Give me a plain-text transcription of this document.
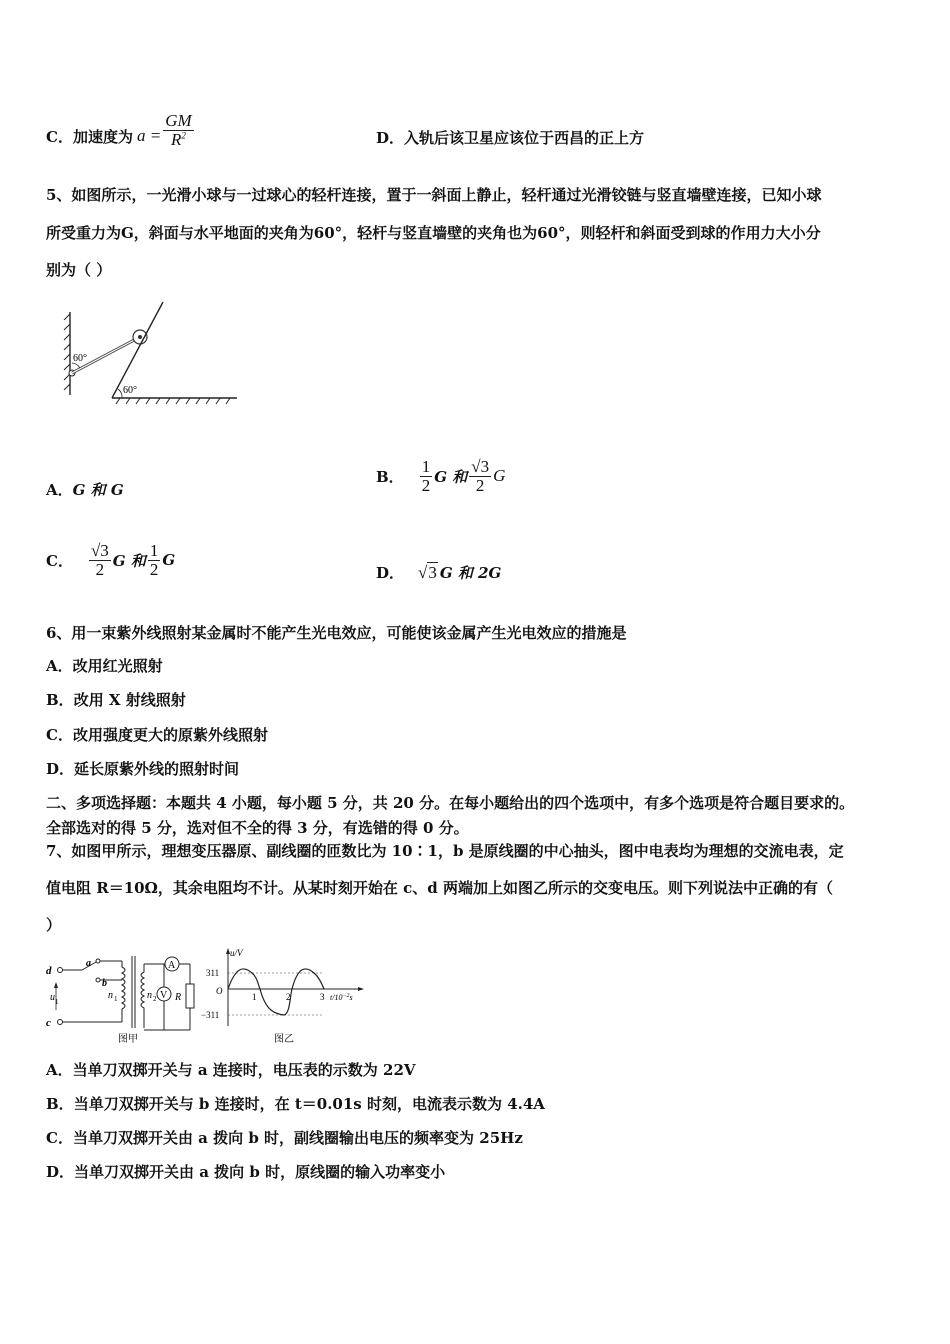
C． 加速度为 $a = \frac{GM}{R^2}$	D．入轨后该卫星应该位于西昌的正上方
5、如图所示，一光滑小球与一过球心的轻杆连接，置于一斜面上静止，轻杆通过光滑铰链与竖直墙壁连接，已知小球
所受重力为G，斜面与水平地面的夹角为60°，轻杆与竖直墙壁的夹角也为60°，则轻杆和斜面受到球的作用力大小分
别为（ ）
60°
60°
A．G 和 G
B． $\frac{1}{2}$ G 和 $\frac{√3}{2}$ G
C． $\frac{√3}{2}$ G 和 $\frac{1}{2}$ G
D． √3 G 和 2G
6、用一束紫外线照射某金属时不能产生光电效应，可能使该金属产生光电效应的措施是
A．改用红光照射
B．改用 X 射线照射
C．改用强度更大的原紫外线照射
D．延长原紫外线的照射时间
二、多项选择题：本题共 4 小题，每小题 5 分，共 20 分。在每小题给出的四个选项中，有多个选项是符合题目要求的。
全部选对的得 5 分，选对但不全的得 3 分，有选错的得 0 分。
7、如图甲所示，理想变压器原、副线圈的匝数比为 10∶1，b 是原线圈的中心抽头，图中电表均为理想的交流电表，定
值电阻 R＝10Ω，其余电阻均不计。从某时刻开始在 c、d 两端加上如图乙所示的交变电压。则下列说法中正确的有（
）
d
c
u 1
a
b
n 1	n 2
A
V R
图甲
u/V
311
−311
O
1	2	3 $t/10^{-2}s$
图乙
A．当单刀双掷开关与 a 连接时，电压表的示数为 22V
B．当单刀双掷开关与 b 连接时，在 t＝0.01s 时刻，电流表示数为 4.4A
C．当单刀双掷开关由 a 拨向 b 时，副线圈输出电压的频率变为 25Hz
D．当单刀双掷开关由 a 拨向 b 时，原线圈的输入功率变小
